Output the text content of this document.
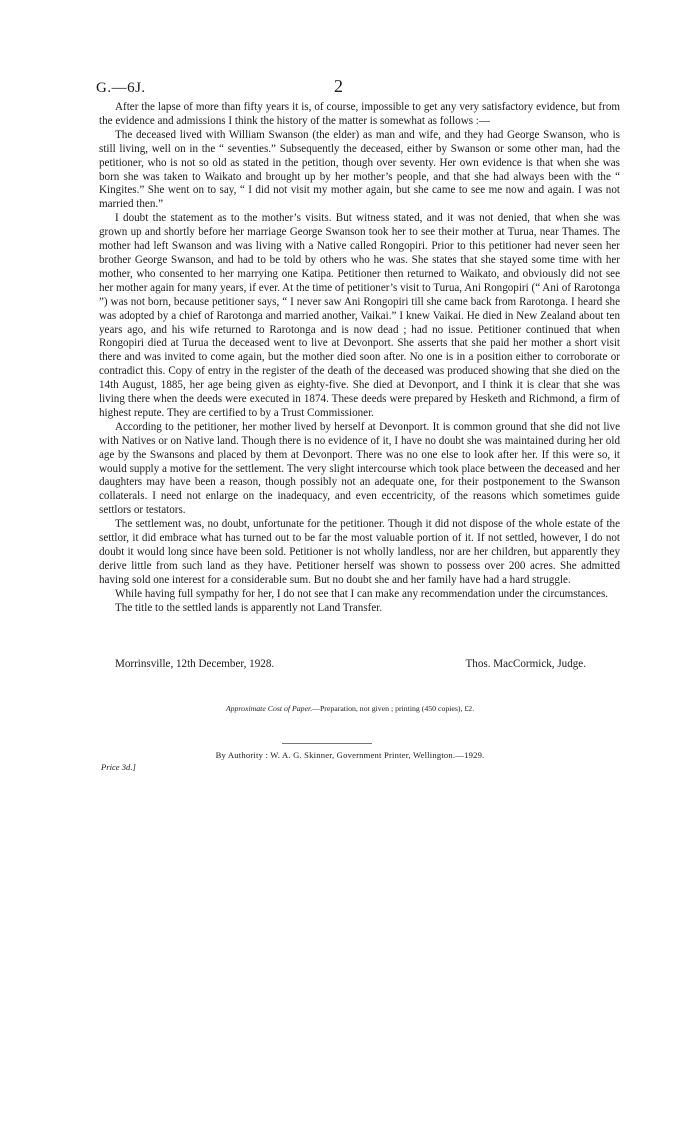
G.—6J.	2

After the lapse of more than fifty years it is, of course, impossible to get any very satisfactory evidence, but from the evidence and admissions I think the history of the matter is somewhat as follows :—

The deceased lived with William Swanson (the elder) as man and wife, and they had George Swanson, who is still living, well on in the “ seventies.” Subsequently the deceased, either by Swanson or some other man, had the petitioner, who is not so old as stated in the petition, though over seventy. Her own evidence is that when she was born she was taken to Waikato and brought up by her mother’s people, and that she had always been with the “ Kingites.” She went on to say, “ I did not visit my mother again, but she came to see me now and again. I was not married then.”

I doubt the statement as to the mother’s visits. But witness stated, and it was not denied, that when she was grown up and shortly before her marriage George Swanson took her to see their mother at Turua, near Thames. The mother had left Swanson and was living with a Native called Rongopiri. Prior to this petitioner had never seen her brother George Swanson, and had to be told by others who he was. She states that she stayed some time with her mother, who consented to her marrying one Katipa. Petitioner then returned to Waikato, and obviously did not see her mother again for many years, if ever. At the time of petitioner’s visit to Turua, Ani Rongopiri (“ Ani of Rarotonga ”) was not born, because petitioner says, “ I never saw Ani Rongopiri till she came back from Rarotonga. I heard she was adopted by a chief of Rarotonga and married another, Vaikai.” I knew Vaikai. He died in New Zealand about ten years ago, and his wife returned to Rarotonga and is now dead ; had no issue. Petitioner continued that when Rongopiri died at Turua the deceased went to live at Devonport. She asserts that she paid her mother a short visit there and was invited to come again, but the mother died soon after. No one is in a position either to corroborate or contradict this. Copy of entry in the register of the death of the deceased was produced showing that she died on the 14th August, 1885, her age being given as eighty-five. She died at Devonport, and I think it is clear that she was living there when the deeds were executed in 1874. These deeds were prepared by Hesketh and Richmond, a firm of highest repute. They are certified to by a Trust Commissioner.

According to the petitioner, her mother lived by herself at Devonport. It is common ground that she did not live with Natives or on Native land. Though there is no evidence of it, I have no doubt she was maintained during her old age by the Swansons and placed by them at Devonport. There was no one else to look after her. If this were so, it would supply a motive for the settlement. The very slight intercourse which took place between the deceased and her daughters may have been a reason, though possibly not an adequate one, for their postponement to the Swanson collaterals. I need not enlarge on the inadequacy, and even eccentricity, of the reasons which sometimes guide settlors or testators.

The settlement was, no doubt, unfortunate for the petitioner. Though it did not dispose of the whole estate of the settlor, it did embrace what has turned out to be far the most valuable portion of it. If not settled, however, I do not doubt it would long since have been sold. Petitioner is not wholly landless, nor are her children, but apparently they derive little from such land as they have. Petitioner herself was shown to possess over 200 acres. She admitted having sold one interest for a considerable sum. But no doubt she and her family have had a hard struggle.

While having full sympathy for her, I do not see that I can make any recommendation under the circumstances.

The title to the settled lands is apparently not Land Transfer.

Morrinsville, 12th December, 1928.	Thos. MacCormick, Judge.
Approximate Cost of Paper.—Preparation, not given ; printing (450 copies), £2.
By Authority : W. A. G. Skinner, Government Printer, Wellington.—1929.
Price 3d.]
